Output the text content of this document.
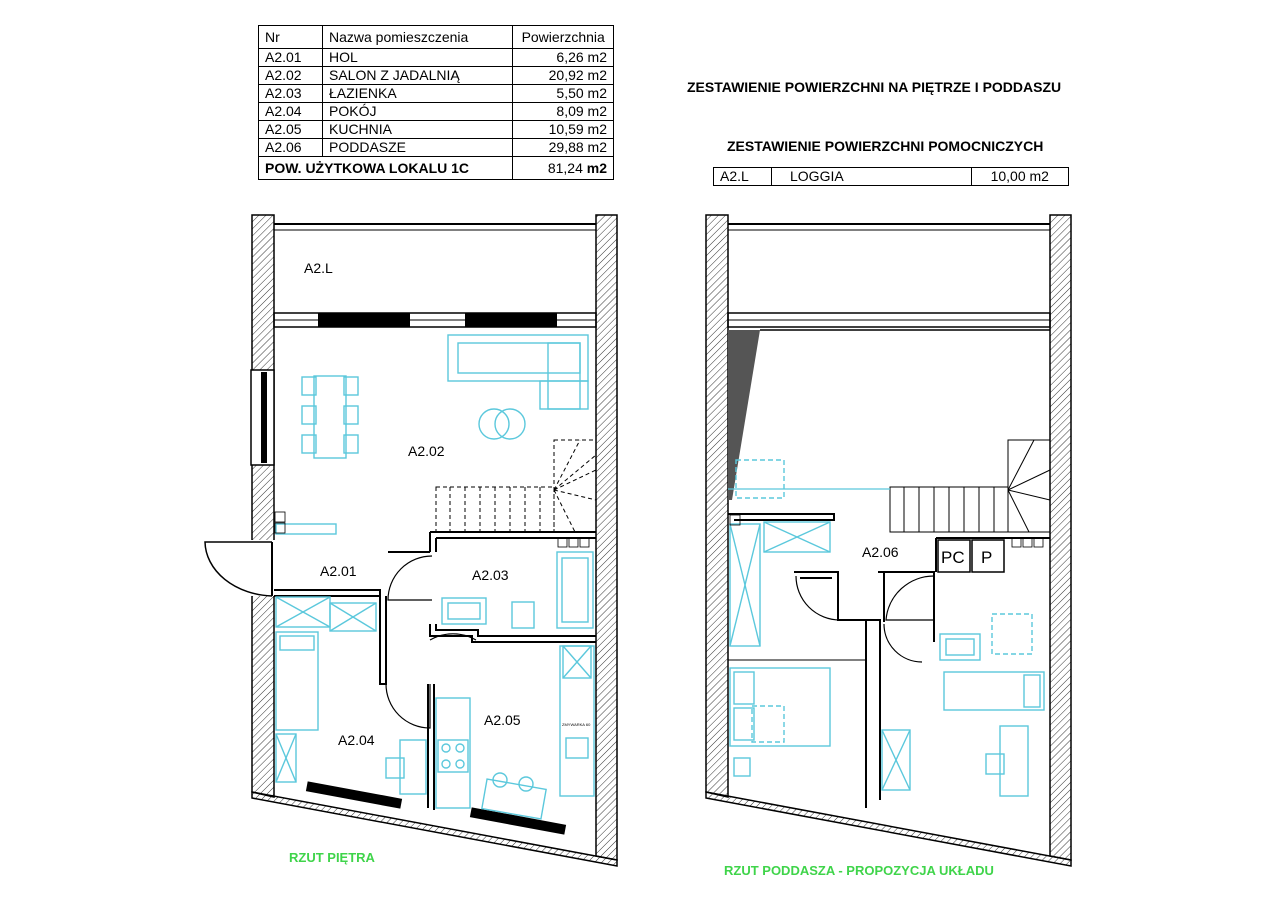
Nr	Nazwa pomieszczenia	Powierzchnia
A2.01	HOL	6,26 m2
A2.02	SALON Z JADALNIĄ	20,92 m2
A2.03	ŁAZIENKA	5,50 m2
A2.04	POKÓJ	8,09 m2
A2.05	KUCHNIA	10,59 m2
A2.06	PODDASZE	29,88 m2
POW. UŻYTKOWA LOKALU 1C		81,24 m2
ZESTAWIENIE POWIERZCHNI NA PIĘTRZE I PODDASZU
ZESTAWIENIE POWIERZCHNI POMOCNICZYCH
A2.L	LOGGIA	10,00 m2
ZMYWARKA 60
A2.L
A2.02
A2.01	A2.03
A2.04
A2.05
PC P
A2.06
RZUT PIĘTRA
RZUT PODDASZA - PROPOZYCJA UKŁADU
